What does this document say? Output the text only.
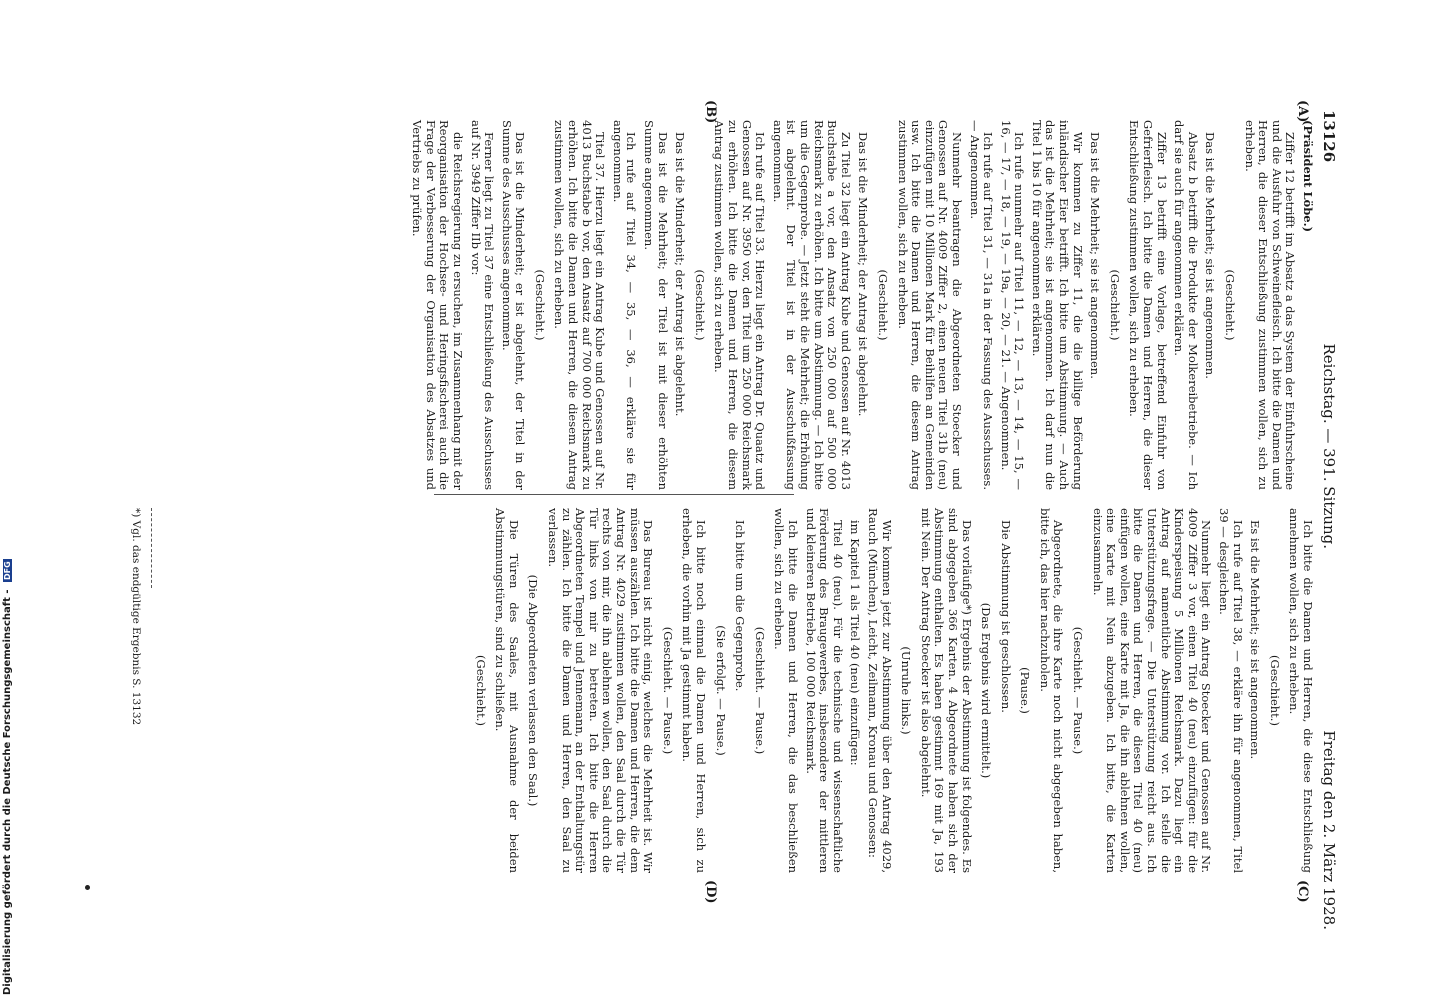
13126
Reichstag. — 391. Sitzung.
Freitag den 2. März 1928.
(A)
(B)
(C)
(D)

(Präsident Löbe.)

Ziffer 12 betrifft im Absatz a das System der Einfuhrscheine und die Ausfuhr von Schweinefleisch. Ich bitte die Damen und Herren, die dieser Entschließung zustimmen wollen, sich zu erheben.

(Geschieht.)

Das ist die Mehrheit; sie ist angenommen.

Absatz b betrifft die Produkte der Molkereibetriebe. — Ich darf sie auch für angenommen erklären.

Ziffer 13 betrifft eine Vorlage, betreffend Einfuhr von Gefrierfleisch. Ich bitte die Damen und Herren, die dieser Entschließung zustimmen wollen, sich zu erheben.

(Geschieht.)

Das ist die Mehrheit; sie ist angenommen.

Wir kommen zu Ziffer 11, die die billige Beförderung inländischer Eier betrifft. Ich bitte um Abstimmung. — Auch das ist die Mehrheit; sie ist angenommen. Ich darf nun die Titel 1 bis 10 für angenommen erklären.

Ich rufe nunmehr auf Titel 11, — 12, — 13, — 14, — 15, — 16, — 17, — 18, — 19, — 19a, — 20, — 21. — Angenommen.

Ich rufe auf Titel 31, — 31a in der Fassung des Ausschusses. — Angenommen.

Nunmehr beantragen die Abgeordneten Stoecker und Genossen auf Nr. 4009 Ziffer 2, einen neuen Titel 31b (neu) einzufügen mit 10 Millionen Mark für Beihilfen an Gemeinden usw. Ich bitte die Damen und Herren, die diesem Antrag zustimmen wollen, sich zu erheben.

(Geschieht.)

Das ist die Minderheit; der Antrag ist abgelehnt.

Zu Titel 32 liegt ein Antrag Kube und Genossen auf Nr. 4013 Buchstabe a vor, den Ansatz von 250 000 auf 500 000 Reichsmark zu erhöhen. Ich bitte um Abstimmung. — Ich bitte um die Gegenprobe. — Jetzt steht die Mehrheit; die Erhöhung ist abgelehnt. Der Titel ist in der Ausschußfassung angenommen.

Ich rufe auf Titel 33. Hierzu liegt ein Antrag Dr. Quaatz und Genossen auf Nr. 3950 vor, den Titel um 250 000 Reichsmark zu erhöhen. Ich bitte die Damen und Herren, die diesem Antrag zustimmen wollen, sich zu erheben.

(Geschieht.)

Das ist die Minderheit; der Antrag ist abgelehnt.

Das ist die Mehrheit; der Titel ist mit dieser erhöhten Summe angenommen.

Ich rufe auf Titel 34, — 35, — 36, — erkläre sie für angenommen.

Titel 37. Hierzu liegt ein Antrag Kube und Genossen auf Nr. 4013 Buchstabe b vor, den Ansatz auf 700 000 Reichsmark zu erhöhen. Ich bitte die Damen und Herren, die diesem Antrag zustimmen wollen, sich zu erheben.

(Geschieht.)

Das ist die Minderheit; er ist abgelehnt, der Titel in der Summe des Ausschusses angenommen.

Ferner liegt zu Titel 37 eine Entschließung des Ausschusses auf Nr. 3949 Ziffer IIb vor:

die Reichsregierung zu ersuchen, im Zusammenhang mit der Reorganisation der Hochsee- und Heringsfischerei auch die Frage der Verbesserung der Organisation des Absatzes und Vertriebs zu prüfen.

Ich bitte die Damen und Herren, die diese Entschließung annehmen wollen, sich zu erheben.

(Geschieht.)

Es ist die Mehrheit; sie ist angenommen.

Ich rufe auf Titel 38, — erkläre ihn für angenommen, Titel 39 — desgleichen.

Nunmehr liegt ein Antrag Stoecker und Genossen auf Nr. 4009 Ziffer 3 vor, einen Titel 40 (neu) einzufügen: für die Kinderspeisung 5 Millionen Reichsmark. Dazu liegt ein Antrag auf namentliche Abstimmung vor. Ich stelle die Unterstützungsfrage. — Die Unterstützung reicht aus. Ich bitte die Damen und Herren, die diesen Titel 40 (neu) einfügen wollen, eine Karte mit Ja, die ihn ablehnen wollen, eine Karte mit Nein abzugeben. Ich bitte, die Karten einzusammeln.

(Geschieht. — Pause.)

Abgeordnete, die ihre Karte noch nicht abgegeben haben, bitte ich, das hier nachzuholen.

(Pause.)

Die Abstimmung ist geschlossen.

(Das Ergebnis wird ermittelt.)

Das vorläufige*) Ergebnis der Abstimmung ist folgendes. Es sind abgegeben 366 Karten. 4 Abgeordnete haben sich der Abstimmung enthalten. Es haben gestimmt 169 mit Ja, 193 mit Nein. Der Antrag Stoecker ist also abgelehnt.

(Unruhe links.)

Wir kommen jetzt zur Abstimmung über den Antrag 4029, Rauch (München), Leicht, Zeilmann, Kronau und Genossen:

im Kapitel 1 als Titel 40 (neu) einzufügen:

Titel 40 (neu). Für die technische und wissenschaftliche Förderung des Braugewerbes, insbesondere der mittleren und kleineren Betriebe, 100 000 Reichsmark.

Ich bitte die Damen und Herren, die das beschließen wollen, sich zu erheben.

(Geschieht. — Pause.)

Ich bitte um die Gegenprobe.

(Sie erfolgt. — Pause.)

Ich bitte noch einmal die Damen und Herren, sich zu erheben, die vorhin mit Ja gestimmt haben.

(Geschieht. — Pause.)

Das Bureau ist nicht einig, welches die Mehrheit ist. Wir müssen auszählen. Ich bitte die Damen und Herren, die dem Antrag Nr. 4029 zustimmen wollen, den Saal durch die Tür rechts von mir, die ihn ablehnen wollen, den Saal durch die Tür links von mir zu betreten. Ich bitte die Herren Abgeordneten Tempel und Jennemann, an der Enthaltungstür zu zählen. Ich bitte die Damen und Herren, den Saal zu verlassen.

(Die Abgeordneten verlassen den Saal.)

Die Türen des Saales, mit Ausnahme der beiden Abstimmungstüren, sind zu schließen.

(Geschieht.)

*) Vgl. das endgültige Ergebnis S. 13132
Digitalisierung gefördert durch die Deutsche Forschungsgemeinschaft - DFG
